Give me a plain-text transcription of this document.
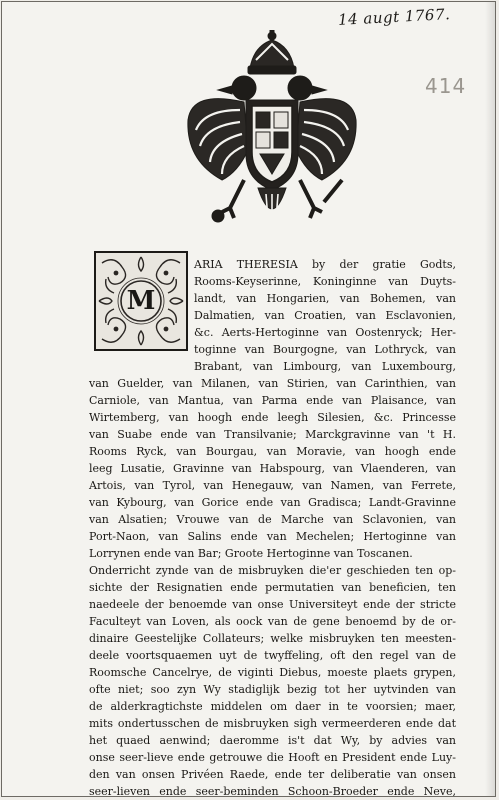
14 augt 1767.
414
M
ARIA THERESIA by der gratie Godts,
Rooms-Keyserinne, Koninginne van Duyts-
landt, van Hongarien, van Bohemen, van
Dalmatien, van Croatien, van Esclavonien,
&c. Aerts-Hertoginne van Oostenryck; Her-
toginne van Bourgogne, van Lothryck, van
Brabant, van Limbourg, van Luxembourg,
van Guelder, van Milanen, van Stirien, van Carinthien, van
Carniole, van Mantua, van Parma ende van Plaisance, van
Wirtemberg, van hoogh ende leegh Silesien, &c. Princesse
van Suabe ende van Transilvanie; Marckgravinne van 't H.
Rooms Ryck, van Bourgau, van Moravie, van hoogh ende
leeg Lusatie, Gravinne van Habspourg, van Vlaenderen, van
Artois, van Tyrol, van Henegauw, van Namen, van Ferrete,
van Kybourg, van Gorice ende van Gradisca; Landt-Gravinne
van Alsatien; Vrouwe van de Marche van Sclavonien, van
Port-Naon, van Salins ende van Mechelen; Hertoginne van
Lorrynen ende van Bar; Groote Hertoginne van Toscanen.
Onderricht zynde van de misbruyken die'er geschieden ten op-
sichte der Resignatien ende permutatien van beneficien, ten
naedeele der benoemde van onse Universiteyt ende der stricte
Faculteyt van Loven, als oock van de gene benoemd by de or-
dinaire Geestelijke Collateurs; welke misbruyken ten meesten-
deele voortsquaemen uyt de twyffeling, oft den regel van de
Roomsche Cancelrye, de viginti Diebus, moeste plaets grypen,
ofte niet; soo zyn Wy stadiglijk bezig tot her uytvinden van
de alderkragtichste middelen om daer in te voorsien; maer,
mits ondertusschen de misbruyken sigh vermeerderen ende dat
het quaed aenwind; daeromme is't dat Wy, by advies van
onse seer-lieve ende getrouwe die Hooft en President ende Luy-
den van onsen Privéen Raede, ende ter deliberatie van onsen
seer-lieven ende seer-beminden Schoon-Broeder ende Neve,
